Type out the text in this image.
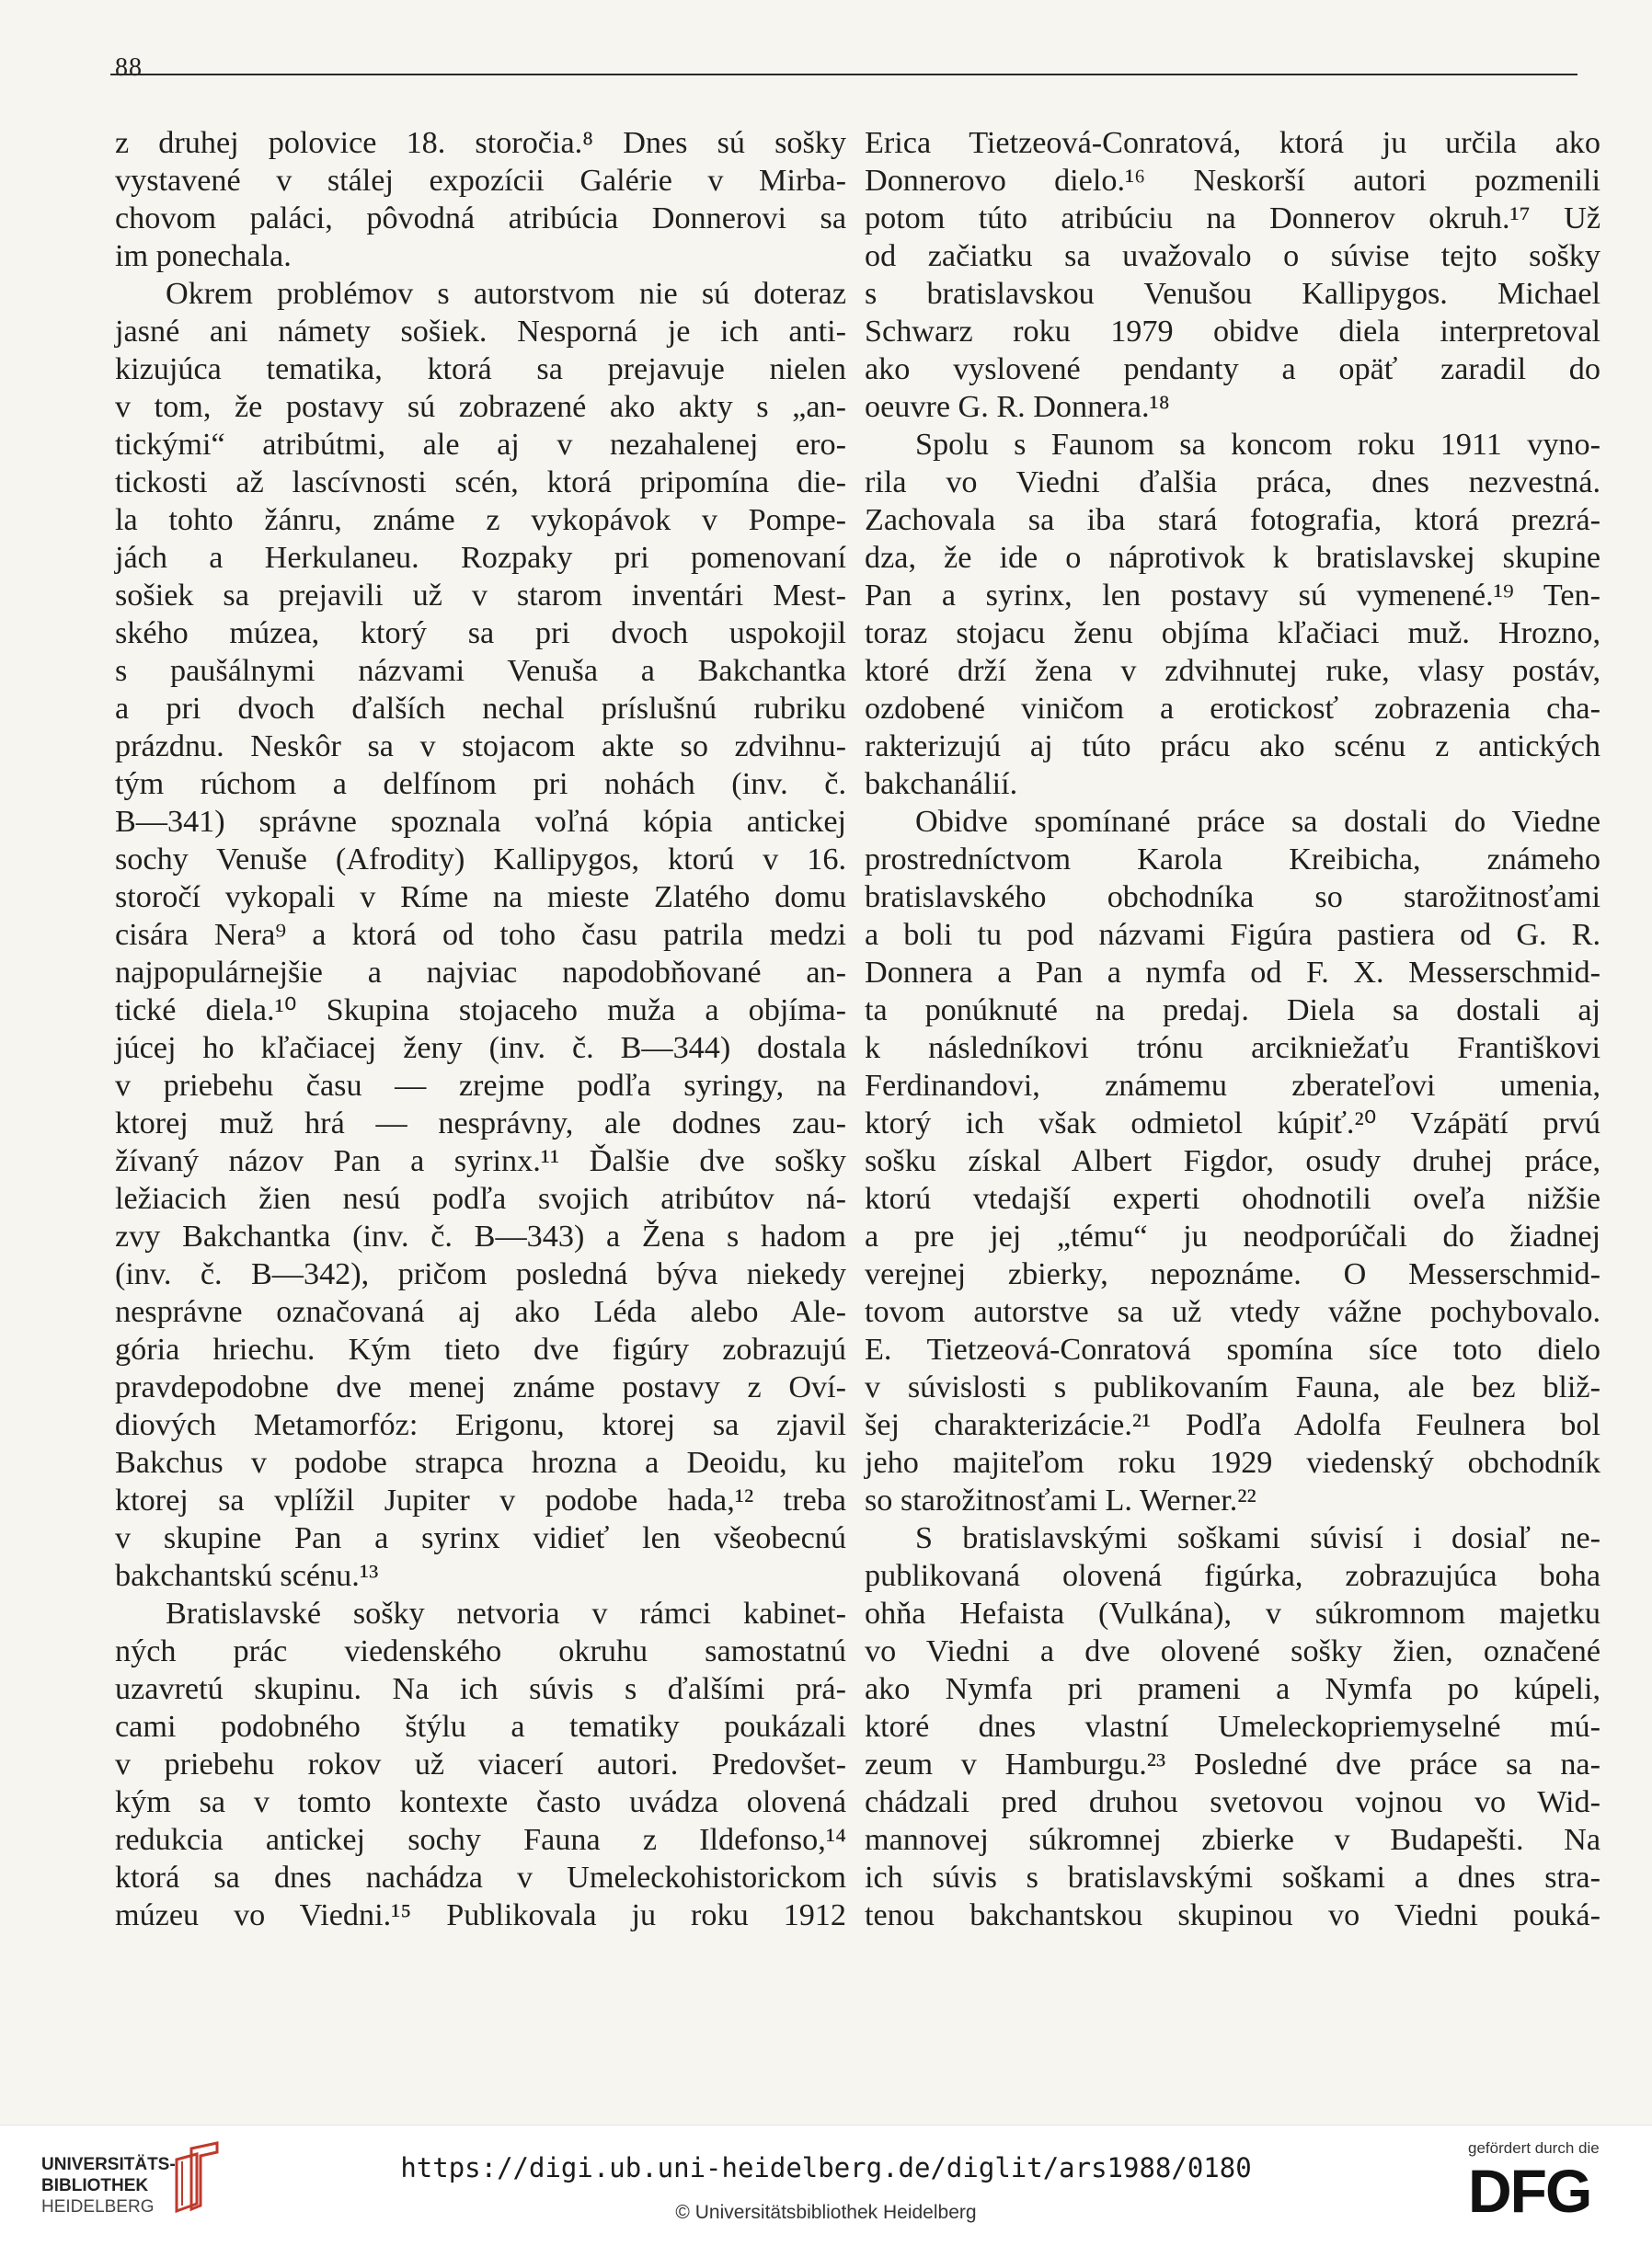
88
z druhej polovice 18. storočia.⁸ Dnes sú sošky
vystavené v stálej expozícii Galérie v Mirba-
chovom paláci, pôvodná atribúcia Donnerovi sa
im ponechala.
Okrem problémov s autorstvom nie sú doteraz
jasné ani námety sošiek. Nesporná je ich anti-
kizujúca tematika, ktorá sa prejavuje nielen
v tom, že postavy sú zobrazené ako akty s „an-
tickými“ atribútmi, ale aj v nezahalenej ero-
tickosti až lascívnosti scén, ktorá pripomína die-
la tohto žánru, známe z vykopávok v Pompe-
jách a Herkulaneu. Rozpaky pri pomenovaní
sošiek sa prejavili už v starom inventári Mest-
ského múzea, ktorý sa pri dvoch uspokojil
s paušálnymi názvami Venuša a Bakchantka
a pri dvoch ďalších nechal príslušnú rubriku
prázdnu. Neskôr sa v stojacom akte so zdvihnu-
tým rúchom a delfínom pri nohách (inv. č.
B—341) správne spoznala voľná kópia antickej
sochy Venuše (Afrodity) Kallipygos, ktorú v 16.
storočí vykopali v Ríme na mieste Zlatého domu
cisára Nera⁹ a ktorá od toho času patrila medzi
najpopulárnejšie a najviac napodobňované an-
tické diela.¹⁰ Skupina stojaceho muža a objíma-
júcej ho kľačiacej ženy (inv. č. B—344) dostala
v priebehu času — zrejme podľa syringy, na
ktorej muž hrá — nesprávny, ale dodnes zau-
žívaný názov Pan a syrinx.¹¹ Ďalšie dve sošky
ležiacich žien nesú podľa svojich atribútov ná-
zvy Bakchantka (inv. č. B—343) a Žena s hadom
(inv. č. B—342), pričom posledná býva niekedy
nesprávne označovaná aj ako Léda alebo Ale-
gória hriechu. Kým tieto dve figúry zobrazujú
pravdepodobne dve menej známe postavy z Oví-
diových Metamorfóz: Erigonu, ktorej sa zjavil
Bakchus v podobe strapca hrozna a Deoidu, ku
ktorej sa vplížil Jupiter v podobe hada,¹² treba
v skupine Pan a syrinx vidieť len všeobecnú
bakchantskú scénu.¹³
Bratislavské sošky netvoria v rámci kabinet-
ných prác viedenského okruhu samostatnú
uzavretú skupinu. Na ich súvis s ďalšími prá-
cami podobného štýlu a tematiky poukázali
v priebehu rokov už viacerí autori. Predovšet-
kým sa v tomto kontexte často uvádza olovená
redukcia antickej sochy Fauna z Ildefonso,¹⁴
ktorá sa dnes nachádza v Umeleckohistorickom
múzeu vo Viedni.¹⁵ Publikovala ju roku 1912
Erica Tietzeová-Conratová, ktorá ju určila ako
Donnerovo dielo.¹⁶ Neskorší autori pozmenili
potom túto atribúciu na Donnerov okruh.¹⁷ Už
od začiatku sa uvažovalo o súvise tejto sošky
s bratislavskou Venušou Kallipygos. Michael
Schwarz roku 1979 obidve diela interpretoval
ako vyslovené pendanty a opäť zaradil do
oeuvre G. R. Donnera.¹⁸
Spolu s Faunom sa koncom roku 1911 vyno-
rila vo Viedni ďalšia práca, dnes nezvestná.
Zachovala sa iba stará fotografia, ktorá prezrá-
dza, že ide o náprotivok k bratislavskej skupine
Pan a syrinx, len postavy sú vymenené.¹⁹ Ten-
toraz stojacu ženu objíma kľačiaci muž. Hrozno,
ktoré drží žena v zdvihnutej ruke, vlasy postáv,
ozdobené viničom a erotickosť zobrazenia cha-
rakterizujú aj túto prácu ako scénu z antických
bakchanálií.
Obidve spomínané práce sa dostali do Viedne
prostredníctvom Karola Kreibicha, známeho
bratislavského obchodníka so starožitnosťami
a boli tu pod názvami Figúra pastiera od G. R.
Donnera a Pan a nymfa od F. X. Messerschmid-
ta ponúknuté na predaj. Diela sa dostali aj
k následníkovi trónu arcikniežaťu Františkovi
Ferdinandovi, známemu zberateľovi umenia,
ktorý ich však odmietol kúpiť.²⁰ Vzápätí prvú
sošku získal Albert Figdor, osudy druhej práce,
ktorú vtedajší experti ohodnotili oveľa nižšie
a pre jej „tému“ ju neodporúčali do žiadnej
verejnej zbierky, nepoznáme. O Messerschmid-
tovom autorstve sa už vtedy vážne pochybovalo.
E. Tietzeová-Conratová spomína síce toto dielo
v súvislosti s publikovaním Fauna, ale bez bliž-
šej charakterizácie.²¹ Podľa Adolfa Feulnera bol
jeho majiteľom roku 1929 viedenský obchodník
so starožitnosťami L. Werner.²²
S bratislavskými soškami súvisí i dosiaľ ne-
publikovaná olovená figúrka, zobrazujúca boha
ohňa Hefaista (Vulkána), v súkromnom majetku
vo Viedni a dve olovené sošky žien, označené
ako Nymfa pri prameni a Nymfa po kúpeli,
ktoré dnes vlastní Umeleckopriemyselné mú-
zeum v Hamburgu.²³ Posledné dve práce sa na-
chádzali pred druhou svetovou vojnou vo Wid-
mannovej súkromnej zbierke v Budapešti. Na
ich súvis s bratislavskými soškami a dnes stra-
tenou bakchantskou skupinou vo Viedni pouká-
UNIVERSITÄTS-
BIBLIOTHEK
HEIDELBERG
https://digi.ub.uni-heidelberg.de/diglit/ars1988/0180
© Universitätsbibliothek Heidelberg
gefördert durch die
DFG
